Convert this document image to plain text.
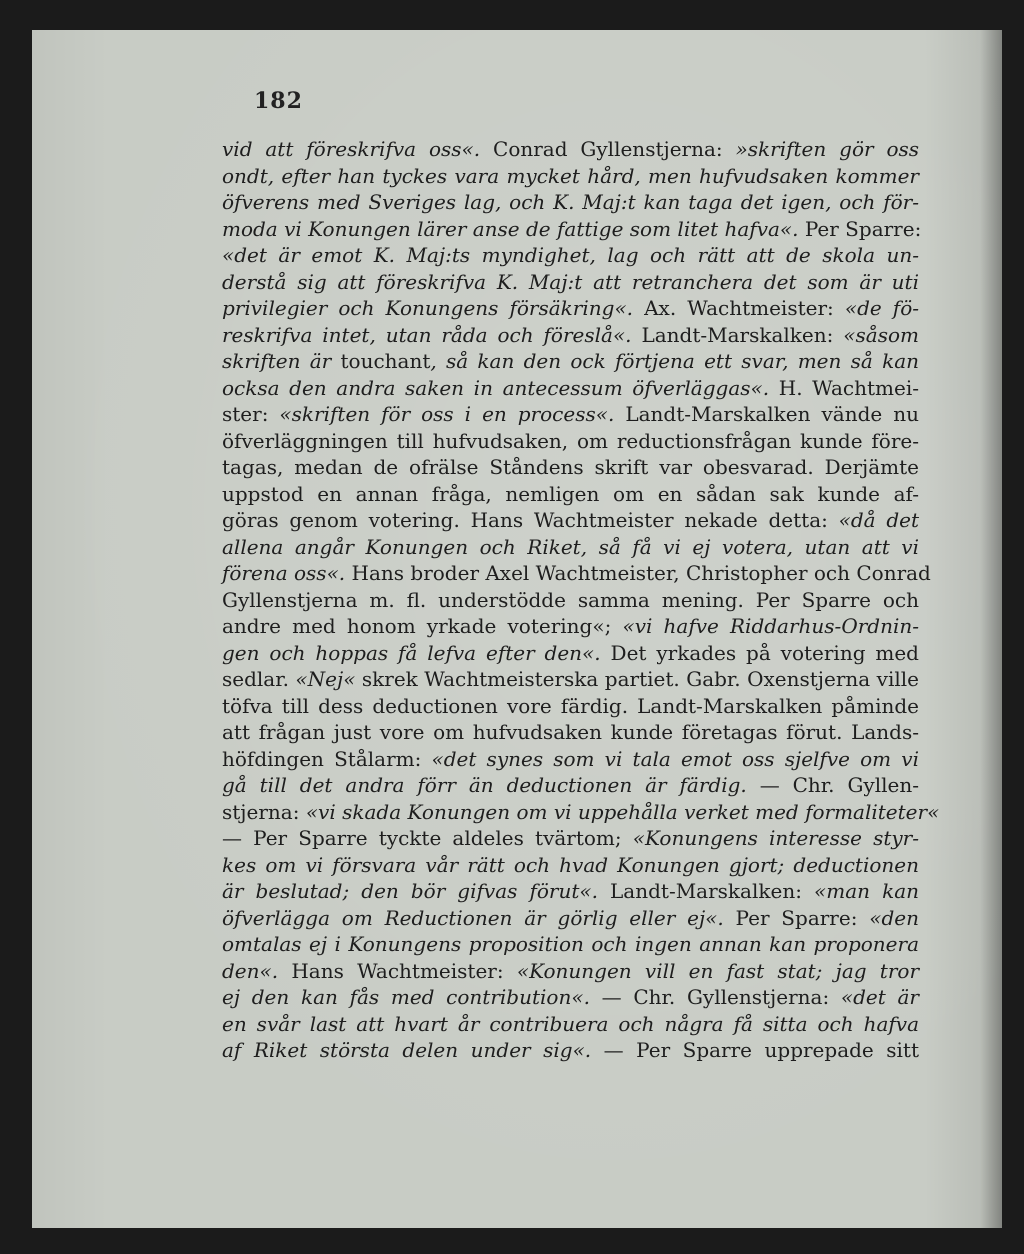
182
vid att föreskrifva oss«. Conrad Gyllenstjerna: »skriften gör oss
ondt, efter han tyckes vara mycket hård, men hufvudsaken kommer
öfverens med Sveriges lag, och K. Maj:t kan taga det igen, och för-
moda vi Konungen lärer anse de fattige som litet hafva«. Per Sparre:
«det är emot K. Maj:ts myndighet, lag och rätt att de skola un-
derstå sig att föreskrifva K. Maj:t att retranchera det som är uti
privilegier och Konungens försäkring«. Ax. Wachtmeister: «de fö-
reskrifva intet, utan råda och föreslå«. Landt-Marskalken: «såsom
skriften är touchant, så kan den ock förtjena ett svar, men så kan
ocksa den andra saken in antecessum öfverläggas«. H. Wachtmei-
ster: «skriften för oss i en process«. Landt-Marskalken vände nu
öfverläggningen till hufvudsaken, om reductionsfrågan kunde före-
tagas, medan de ofrälse Ståndens skrift var obesvarad. Derjämte
uppstod en annan fråga, nemligen om en sådan sak kunde af-
göras genom votering. Hans Wachtmeister nekade detta: «då det
allena angår Konungen och Riket, så få vi ej votera, utan att vi
förena oss«. Hans broder Axel Wachtmeister, Christopher och Conrad
Gyllenstjerna m. fl. understödde samma mening. Per Sparre och
andre med honom yrkade votering«; «vi hafve Riddarhus-Ordnin-
gen och hoppas få lefva efter den«. Det yrkades på votering med
sedlar. «Nej« skrek Wachtmeisterska partiet. Gabr. Oxenstjerna ville
töfva till dess deductionen vore färdig. Landt-Marskalken påminde
att frågan just vore om hufvudsaken kunde företagas förut. Lands-
höfdingen Stålarm: «det synes som vi tala emot oss sjelfve om vi
gå till det andra förr än deductionen är färdig. — Chr. Gyllen-
stjerna: «vi skada Konungen om vi uppehålla verket med formaliteter«
— Per Sparre tyckte aldeles tvärtom; «Konungens interesse styr-
kes om vi försvara vår rätt och hvad Konungen gjort; deductionen
är beslutad; den bör gifvas förut«. Landt-Marskalken: «man kan
öfverlägga om Reductionen är görlig eller ej«. Per Sparre: «den
omtalas ej i Konungens proposition och ingen annan kan proponera
den«. Hans Wachtmeister: «Konungen vill en fast stat; jag tror
ej den kan fås med contribution«. — Chr. Gyllenstjerna: «det är
en svår last att hvart år contribuera och några få sitta och hafva
af Riket största delen under sig«. — Per Sparre upprepade sitt
